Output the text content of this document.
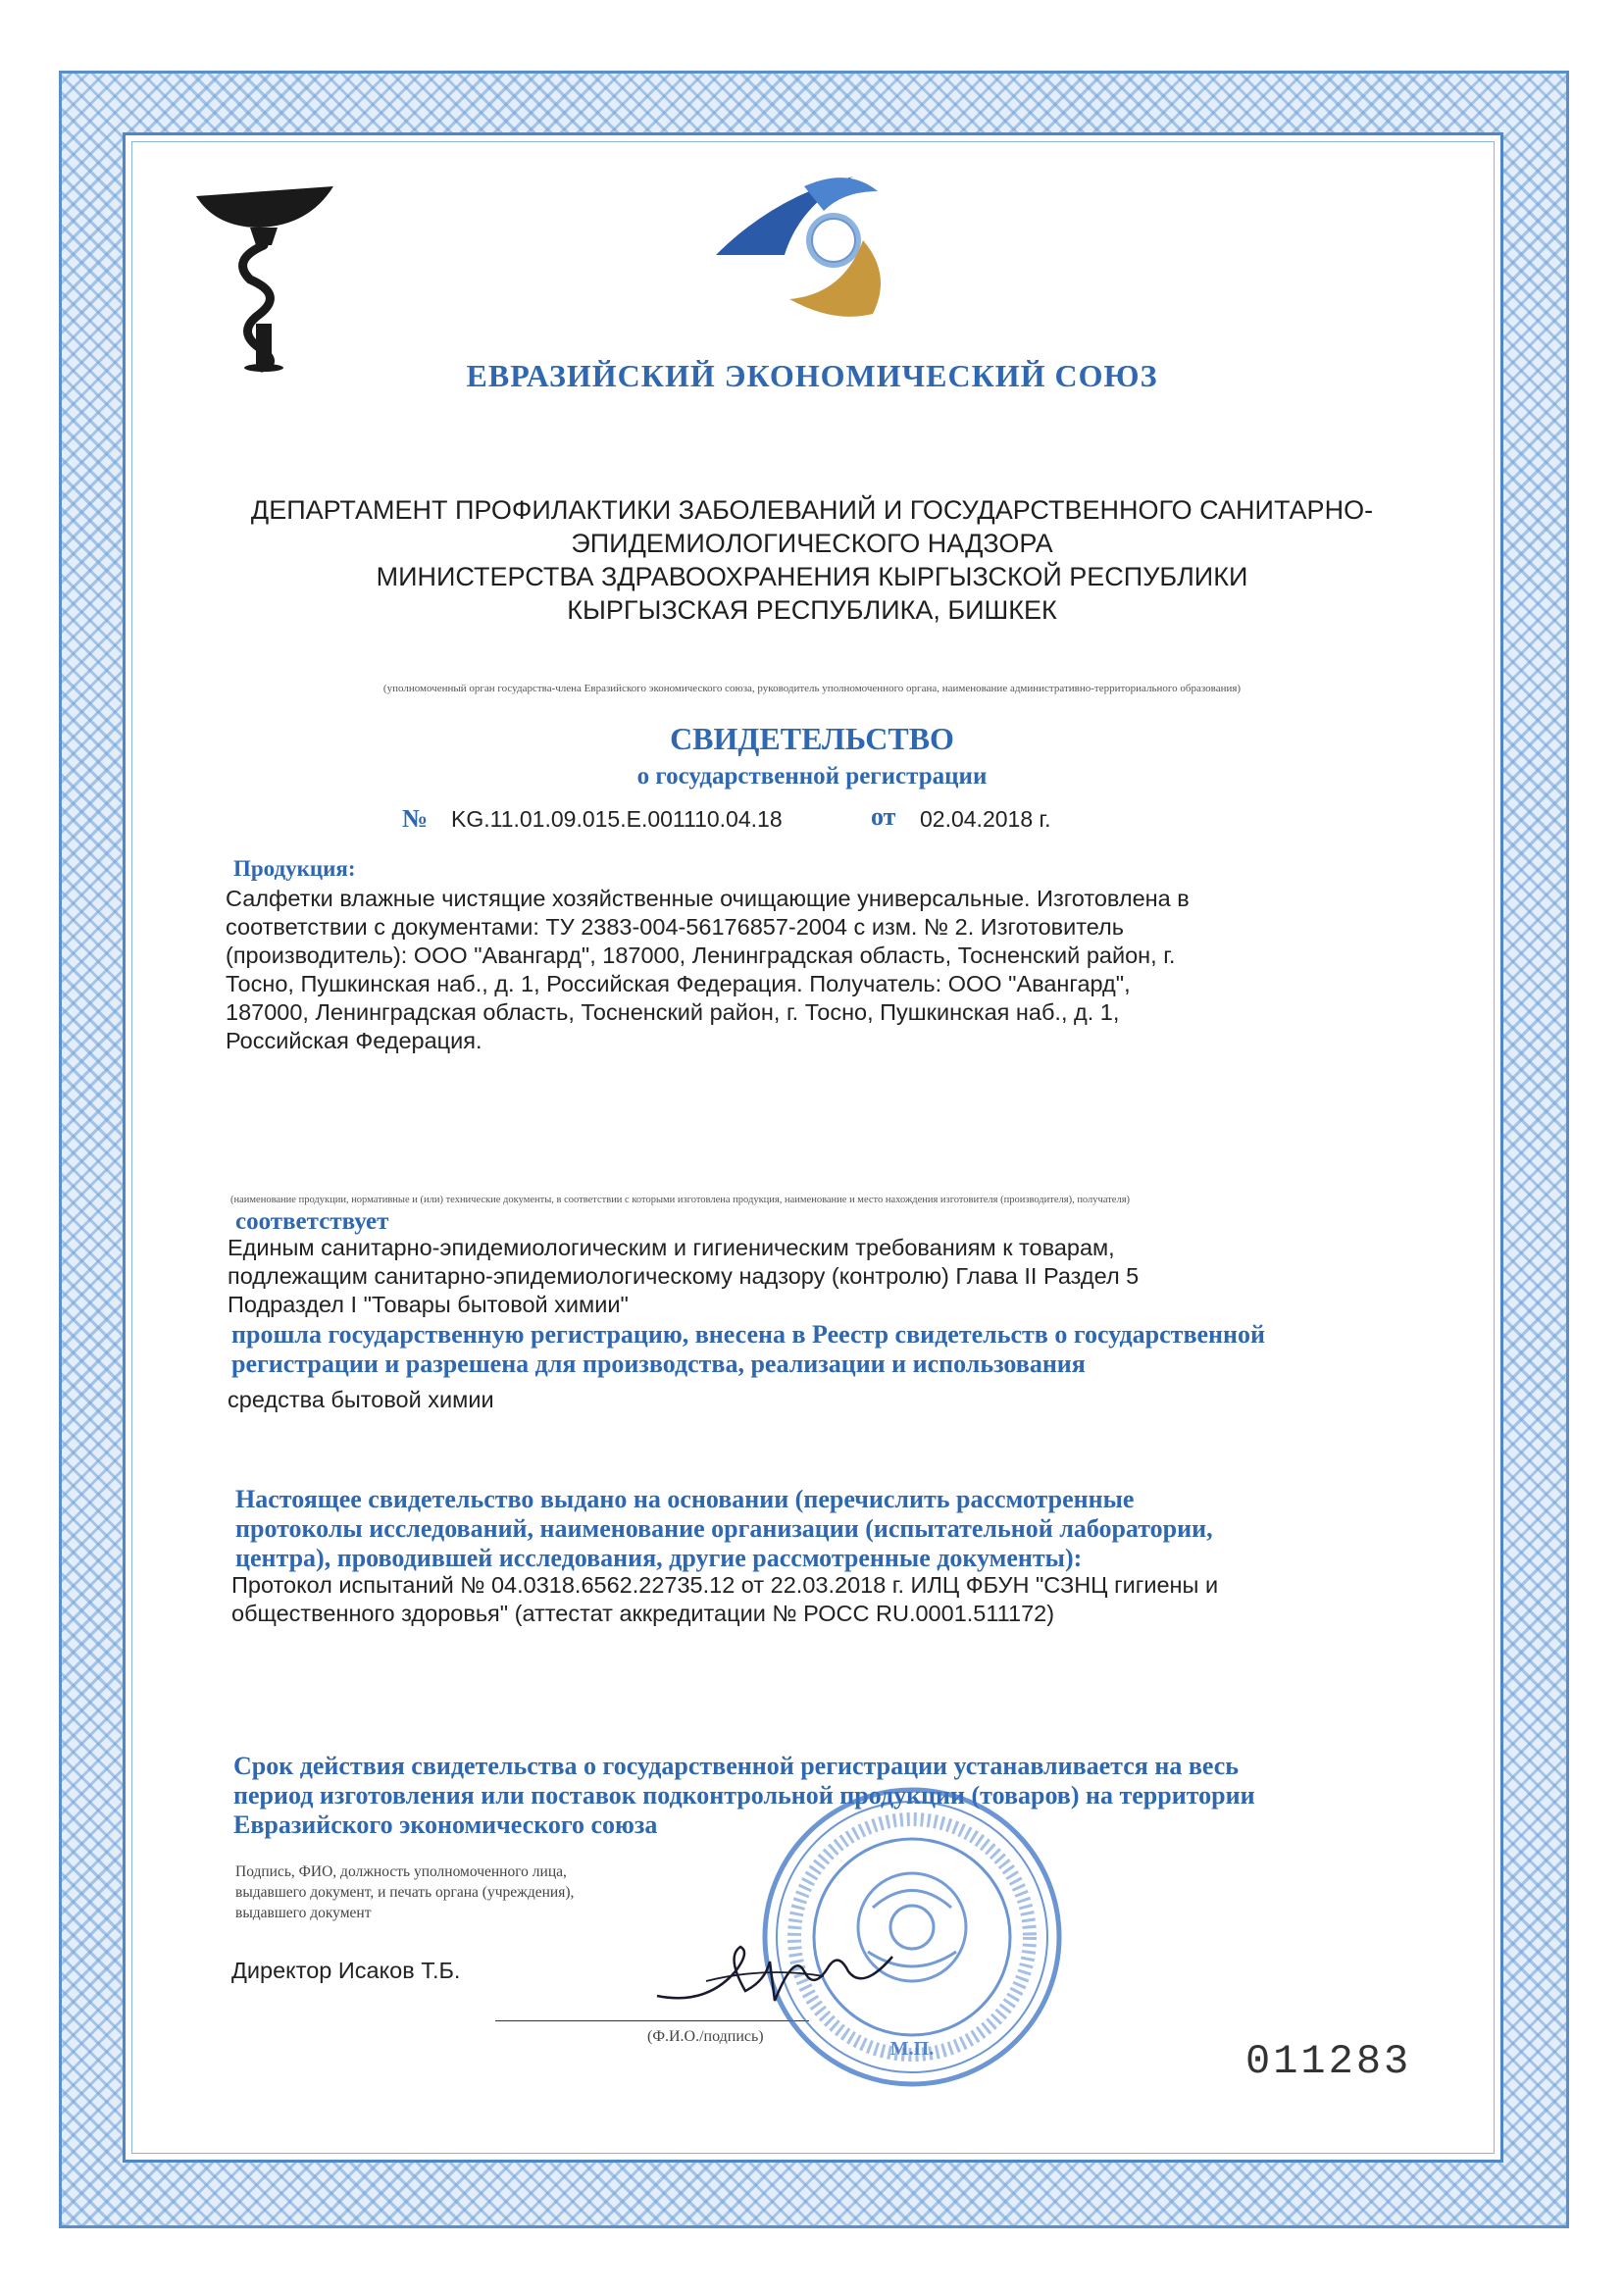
ЕВРАЗИЙСКИЙ ЭКОНОМИЧЕСКИЙ СОЮЗ
ДЕПАРТАМЕНТ ПРОФИЛАКТИКИ ЗАБОЛЕВАНИЙ И ГОСУДАРСТВЕННОГО САНИТАРНО-
ЭПИДЕМИОЛОГИЧЕСКОГО НАДЗОРА
МИНИСТЕРСТВА ЗДРАВООХРАНЕНИЯ КЫРГЫЗСКОЙ РЕСПУБЛИКИ
КЫРГЫЗСКАЯ РЕСПУБЛИКА, БИШКЕК
(уполномоченный орган государства-члена Евразийского экономического союза, руководитель уполномоченного органа, наименование административно-территориального образования)
СВИДЕТЕЛЬСТВО
о государственной регистрации
№ KG.11.01.09.015.E.001110.04.18	от 02.04.2018 г.
Продукция:
Салфетки влажные чистящие хозяйственные очищающие универсальные. Изготовлена в
соответствии с документами: ТУ 2383-004-56176857-2004 с изм. № 2. Изготовитель
(производитель): ООО "Авангард", 187000, Ленинградская область, Тосненский район, г.
Тосно, Пушкинская наб., д. 1, Российская Федерация. Получатель: ООО "Авангард",
187000, Ленинградская область, Тосненский район, г. Тосно, Пушкинская наб., д. 1,
Российская Федерация.
(наименование продукции, нормативные и (или) технические документы, в соответствии с которыми изготовлена продукция, наименование и место нахождения изготовителя (производителя), получателя)
соответствует
Единым санитарно-эпидемиологическим и гигиеническим требованиям к товарам,
подлежащим санитарно-эпидемиологическому надзору (контролю) Глава II Раздел 5
Подраздел I "Товары бытовой химии"
прошла государственную регистрацию, внесена в Реестр свидетельств о государственной
регистрации и разрешена для производства, реализации и использования
средства бытовой химии
Настоящее свидетельство выдано на основании (перечислить рассмотренные
протоколы исследований, наименование организации (испытательной лаборатории,
центра), проводившей исследования, другие рассмотренные документы):
Протокол испытаний № 04.0318.6562.22735.12 от 22.03.2018 г. ИЛЦ ФБУН "СЗНЦ гигиены и
общественного здоровья" (аттестат аккредитации № РОСС RU.0001.511172)
Срок действия свидетельства о государственной регистрации устанавливается на весь
период изготовления или поставок подконтрольной продукции (товаров) на территории
Евразийского экономического союза
Подпись, ФИО, должность уполномоченного лица,
выдавшего документ, и печать органа (учреждения),
выдавшего документ
Директор Исаков Т.Б.
(Ф.И.О./подпись)
М.П.	011283
